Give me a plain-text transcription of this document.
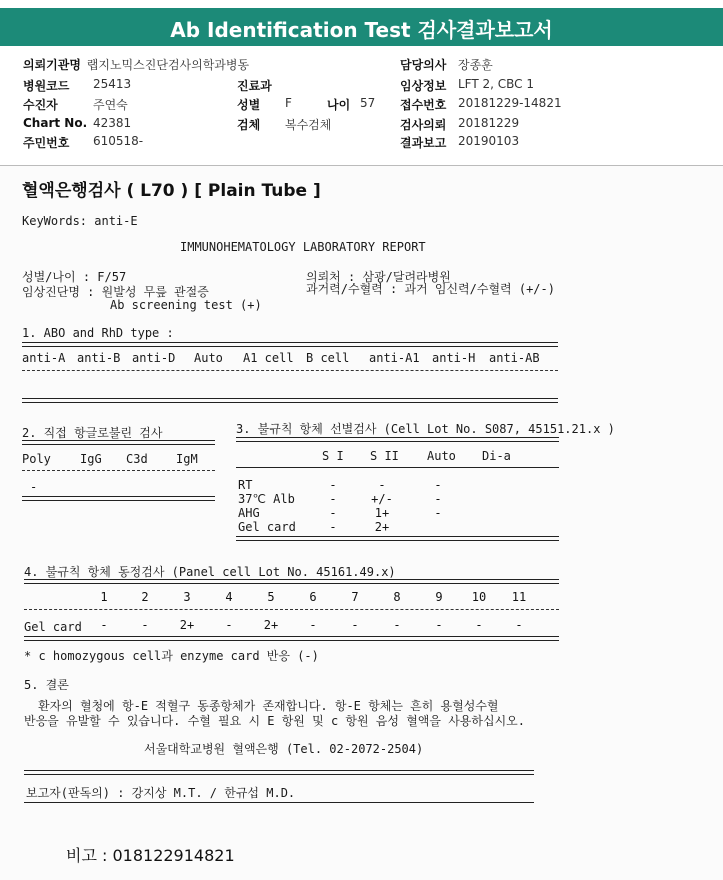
Ab Identification Test 검사결과보고서
의뢰기관명 랩지노믹스진단검사의학과병동
병원코드 25413
수진자	주연숙
Chart No. 42381
주민번호 610518-
진료과
성별 F	나이 57
검체 복수검체
담당의사 장종훈
임상정보 LFT 2, CBC 1
접수번호 20181229-14821
검사의뢰 20181229
결과보고 20190103
혈액은행검사 ( L70 ) [ Plain Tube ]
KeyWords: anti-E
IMMUNOHEMATOLOGY LABORATORY REPORT
성별/나이 : F/57	의뢰처 : 삼광/달려라병원
임상진단명 : 원발성 무릎 관절증	과거력/수혈력 : 과거 임신력/수혈력 (+/-)
Ab screening test (+)
1. ABO and RhD type :
anti-A anti-B anti-D Auto A1 cell B cell anti-A1 anti-H anti-AB
2. 직접 항글로불린 검사
Poly IgG C3d IgM
-
3. 불규칙 항체 선별검사 (Cell Lot No. S087, 45151.21.x )
S I S II Auto Di-a
RT	-	-	-
37℃ Alb	-	+/-	-
AHG	-	1+	-
Gel card	-	2+
4. 불규칙 항체 동정검사 (Panel cell Lot No. 45161.49.x)
1	2	3	4	5	6	7	8	9	10	11
Gel card	-	-	2+	-	2+	-	-	-	-	-	-
* c homozygous cell과 enzyme card 반응 (-)
5. 결론
환자의 혈청에 항-E 적혈구 동종항체가 존재합니다. 항-E 항체는 흔히 용혈성수혈
반응을 유발할 수 있습니다. 수혈 필요 시 E 항원 및 c 항원 음성 혈액을 사용하십시오.
서울대학교병원 혈액은행 (Tel. 02-2072-2504)
보고자(판독의) : 강지상 M.T. / 한규섭 M.D.
비고 : 018122914821
